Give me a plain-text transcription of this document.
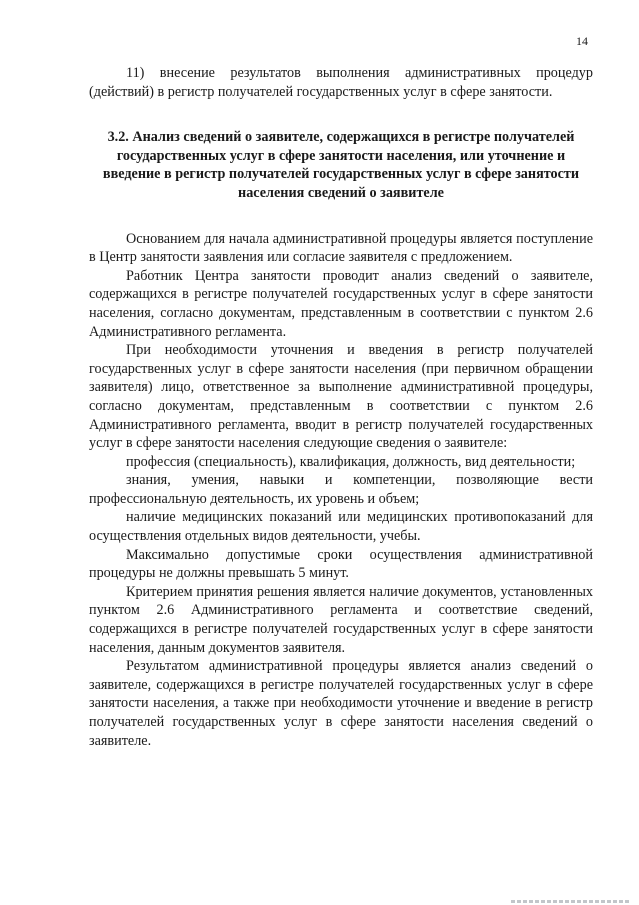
14

11) внесение результатов выполнения административных процедур (действий) в регистр получателей государственных услуг в сфере занятости.

3.2. Анализ сведений о заявителе, содержащихся в регистре получателей государственных услуг в сфере занятости населения, или уточнение и введение в регистр получателей государственных услуг в сфере занятости населения сведений о заявителе

Основанием для начала административной процедуры является поступление в Центр занятости заявления или согласие заявителя с предложением.

Работник Центра занятости проводит анализ сведений о заявителе, содержащихся в регистре получателей государственных услуг в сфере занятости населения, согласно документам, представленным в соответствии с пунктом 2.6 Административного регламента.

При необходимости уточнения и введения в регистр получателей государственных услуг в сфере занятости населения (при первичном обращении заявителя) лицо, ответственное за выполнение административной процедуры, согласно документам, представленным в соответствии с пунктом 2.6 Административного регламента, вводит в регистр получателей государственных услуг в сфере занятости населения следующие сведения о заявителе:

профессия (специальность), квалификация, должность, вид деятельности;

знания, умения, навыки и компетенции, позволяющие вести профессиональную деятельность, их уровень и объем;

наличие медицинских показаний или медицинских противопоказаний для осуществления отдельных видов деятельности, учебы.

Максимально допустимые сроки осуществления административной процедуры не должны превышать 5 минут.

Критерием принятия решения является наличие документов, установленных пунктом 2.6 Административного регламента и соответствие сведений, содержащихся в регистре получателей государственных услуг в сфере занятости населения, данным документов заявителя.

Результатом административной процедуры является анализ сведений о заявителе, содержащихся в регистре получателей государственных услуг в сфере занятости населения, а также при необходимости уточнение и введение в регистр получателей государственных услуг в сфере занятости населения сведений о заявителе.
